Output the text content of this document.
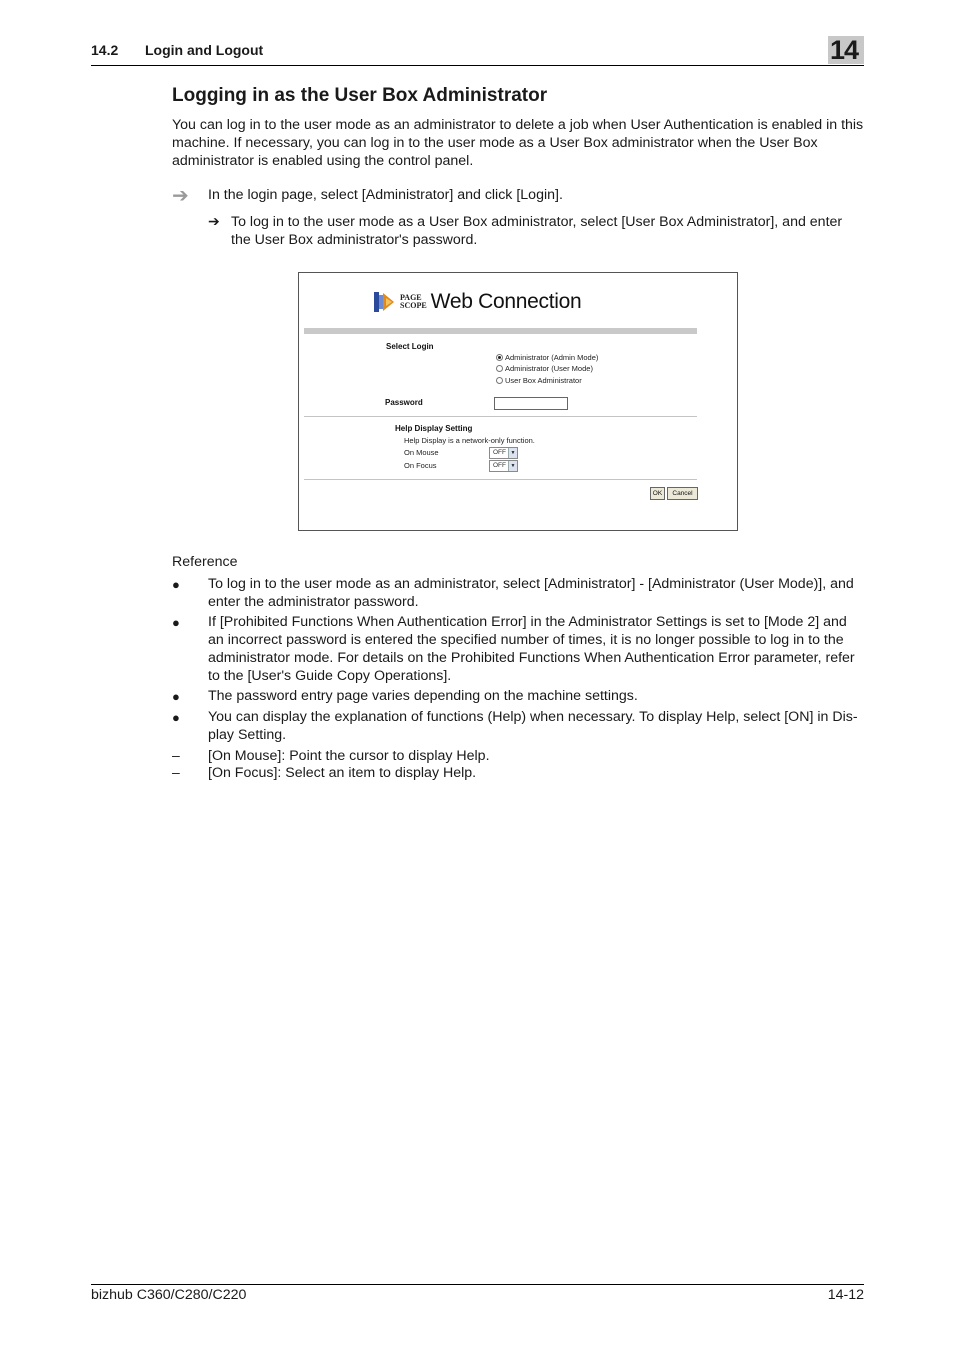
14.2 Login and Logout	14
Logging in as the User Box Administrator

You can log in to the user mode as an administrator to delete a job when User Authentication is enabled in this machine. If necessary, you can log in to the user mode as a User Box administrator when the User Box administrator is enabled using the control panel.

➔ In the login page, select [Administrator] and click [Login].
➔ To log in to the user mode as a User Box administrator, select [User Box Administrator], and enter the User Box administrator's password.

PAGE
SCOPE Web Connection
Select Login
Administrator (Admin Mode)
Administrator (User Mode)
User Box Administrator
Password
Help Display Setting
Help Display is a network-only function.
On Mouse	OFF ▼
On Focus	OFF ▼
OK	Cancel
Reference
● To log in to the user mode as an administrator, select [Administrator] - [Administrator (User Mode)], and enter the administrator password.

● If [Prohibited Functions When Authentication Error] in the Administrator Settings is set to [Mode 2] and an incorrect password is entered the specified number of times, it is no longer possible to log in to the administrator mode. For details on the Prohibited Functions When Authentication Error parameter, refer to the [User's Guide Copy Operations].

● The password entry page varies depending on the machine settings.

● You can display the explanation of functions (Help) when necessary. To display Help, select [ON] in Dis-play Setting.

– [On Mouse]: Point the cursor to display Help.

– [On Focus]: Select an item to display Help.

bizhub C360/C280/C220	14-12
